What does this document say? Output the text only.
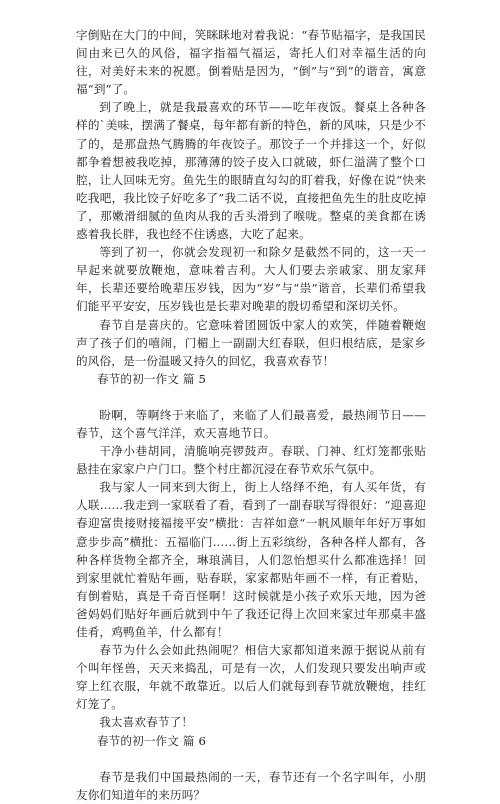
字倒贴在大门的中间，笑眯眯地对着我说：“春节贴福字，是我国民间由来已久的风俗，福字指福气福运，寄托人们对幸福生活的向往，对美好未来的祝愿。倒着贴是因为，“倒”与“到”的谐音，寓意福“到”了。

到了晚上，就是我最喜欢的环节——吃年夜饭。餐桌上各种各样的`美味，摆满了餐桌，每年都有新的特色，新的风味，只是少不了的，是那盘热气腾腾的年夜饺子。那饺子一个并排这一个，好似都争着想被我吃掉，那薄薄的饺子皮入口就破，虾仁溢满了整个口腔，让人回味无穷。鱼先生的眼睛直勾勾的盯着我，好像在说“快来吃我吧，我比饺子好吃多了”我二话不说，直接把鱼先生的肚皮吃掉了，那嫩滑细腻的鱼肉从我的舌头滑到了喉咙。整桌的美食都在诱惑着我长胖，我也经不住诱惑，大吃了起来。

等到了初一，你就会发现初一和除夕是截然不同的，这一天一早起来就要放鞭炮，意味着吉利。大人们要去亲戚家、朋友家拜年，长辈还要给晚辈压岁钱，因为“岁”与“祟”谐音，长辈们希望我们能平平安安，压岁钱也是长辈对晚辈的殷切希望和深切关怀。

春节自是喜庆的。它意味着团圆饭中家人的欢笑，伴随着鞭炮声了孩子们的嘻闹，门楣上一副副大红春联，但归根结底，是家乡的风俗，是一份温暖又持久的回忆，我喜欢春节！

春节的初一作文 篇 5

盼啊，等啊终于来临了，来临了人们最喜爱，最热闹节日——春节，这个喜气洋洋，欢天喜地节日。

干净小巷胡同，清脆响亮锣鼓声。春联、门神、红灯笼都张贴悬挂在家家户户门口。整个村庄都沉浸在春节欢乐气氛中。

我与家人一同来到大街上，街上人络绎不绝，有人买年货，有人联……我走到一家联看了看，看到了一副春联写得很好：“迎喜迎春迎富贵接财接福接平安”横批：吉祥如意“一帆风顺年年好万事如意步步高”横批：五福临门……街上五彩缤纷，各种各样人都有，各种各样货物全都齐全，琳琅满目，人们忽怡想买什么都准选择！回到家里就忙着贴年画，贴春联，家家都贴年画不一样，有正着贴，有倒着贴，真是千奇百怪啊！这时候就是小孩子欢乐天地，因为爸爸妈妈们贴好年画后就到中午了我还记得上次回来家过年那桌丰盛佳肴，鸡鸭鱼羊，什么都有！

春节为什么会如此热闹呢？相信大家都知道来源于据说从前有个叫年怪兽，天天来捣乱，可是有一次，人们发现只要发出响声或穿上红衣服，年就不敢靠近。以后人们就每到春节就放鞭炮，挂红灯笼了。

我太喜欢春节了！

春节的初一作文 篇 6

春节是我们中国最热闹的一天，春节还有一个名字叫年，小朋友你们知道年的来历吗？
